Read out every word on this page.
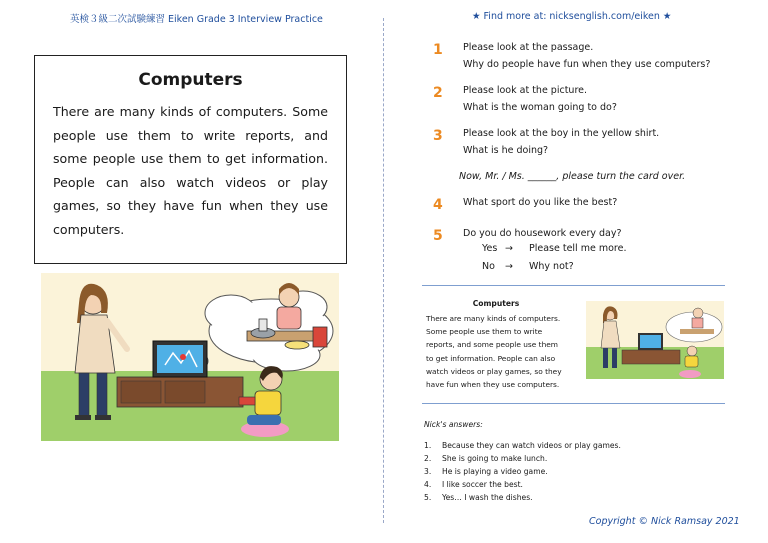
英検３級二次試験練習 Eiken Grade 3 Interview Practice	★ Find more at: nicksenglish.com/eiken ★
Computers
There are many kinds of computers. Some people use them to write reports, and some people use them to get information. People can also watch videos or play games, so they have fun when they use computers.
1 Please look at the passage.
Why do people have fun when they use computers?
2 Please look at the picture.
What is the woman going to do?
3 Please look at the boy in the yellow shirt.
What is he doing?
Now, Mr. / Ms. ______, please turn the card over.
4 What sport do you like the best?
5 Do you do housework every day?
Yes → Please tell me more.
No → Why not?
Computers
There are many kinds of computers. Some people use them to write reports, and some people use them to get information. People can also watch videos or play games, so they have fun when they use computers.
Nick's answers:
1. Because they can watch videos or play games.
2. She is going to make lunch.
3. He is playing a video game.
4. I like soccer the best.
5. Yes… I wash the dishes.
Copyright © Nick Ramsay 2021
